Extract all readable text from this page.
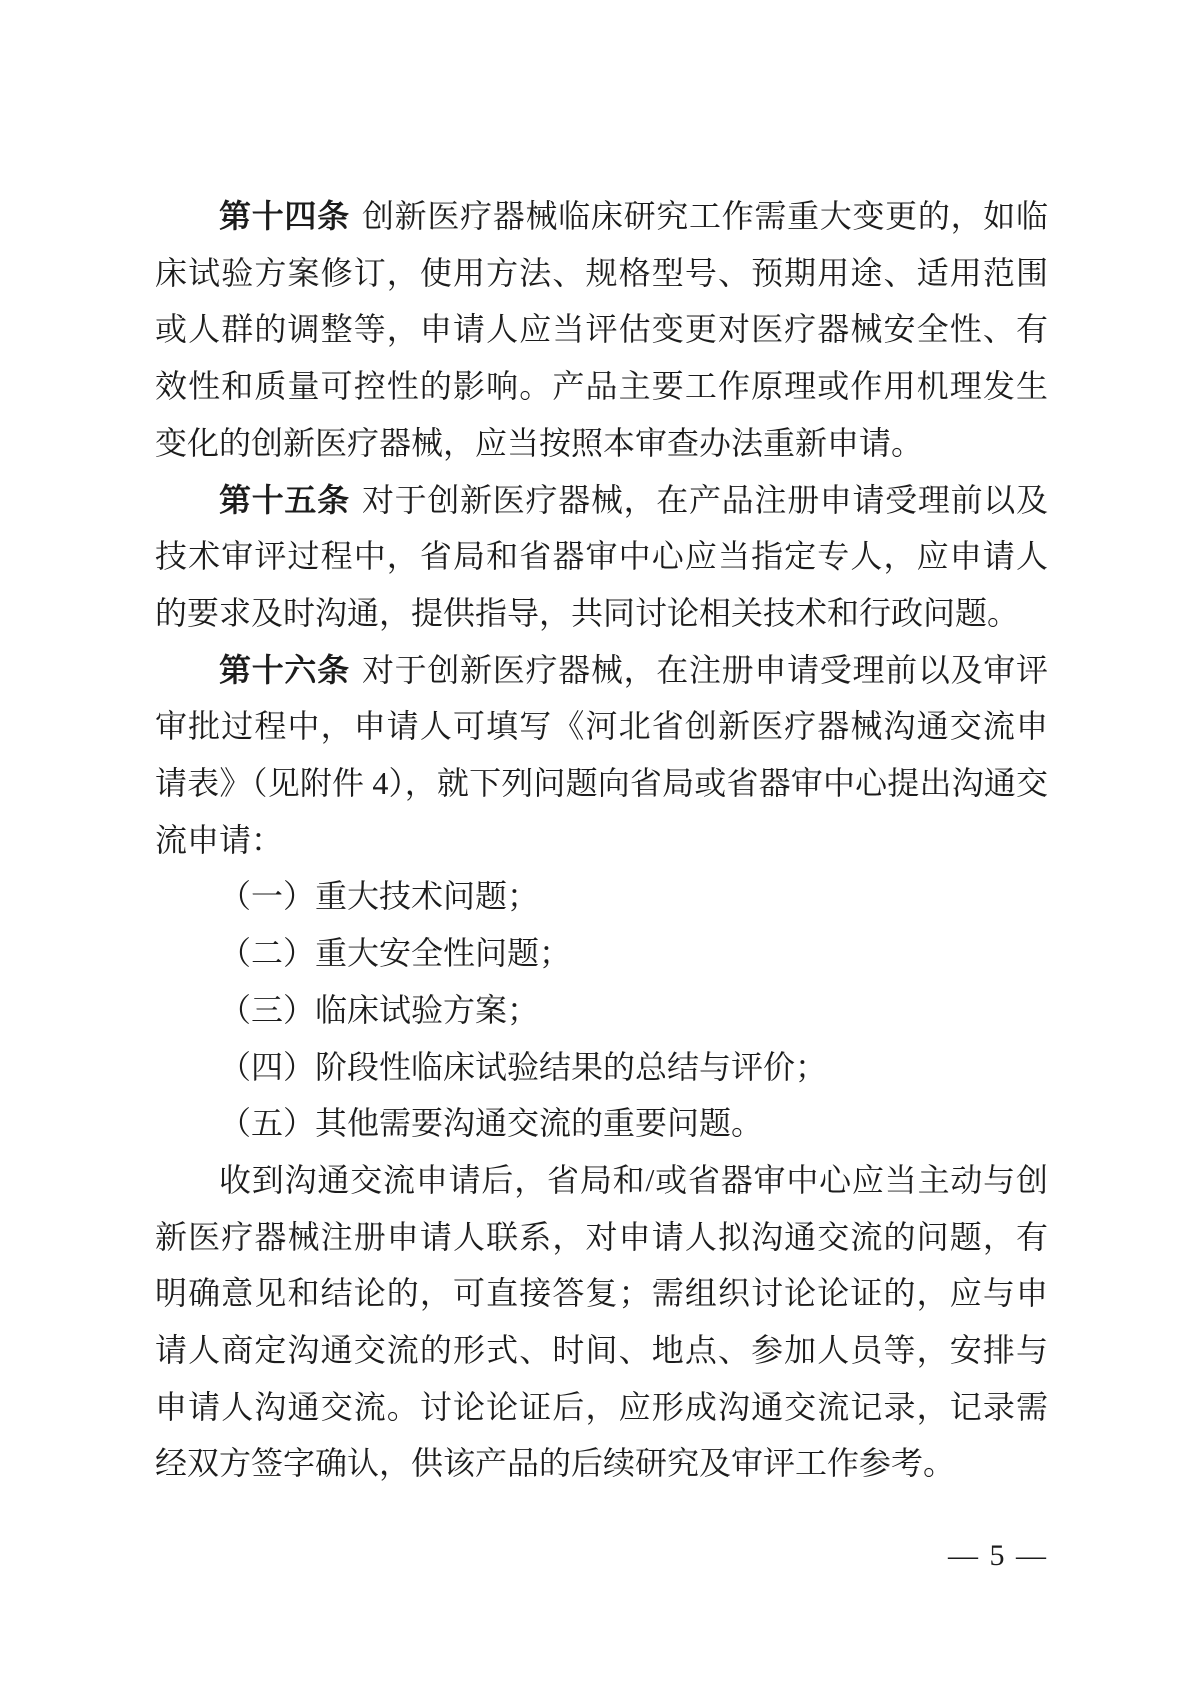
第十四条 创新医疗器械临床研究工作需重大变更的，如临床试验方案修订，使用方法、规格型号、预期用途、适用范围或人群的调整等，申请人应当评估变更对医疗器械安全性、有效性和质量可控性的影响。产品主要工作原理或作用机理发生变化的创新医疗器械，应当按照本审查办法重新申请。

第十五条 对于创新医疗器械，在产品注册申请受理前以及技术审评过程中，省局和省器审中心应当指定专人，应申请人的要求及时沟通，提供指导，共同讨论相关技术和行政问题。

第十六条 对于创新医疗器械，在注册申请受理前以及审评审批过程中，申请人可填写《河北省创新医疗器械沟通交流申请表》（见附件 4），就下列问题向省局或省器审中心提出沟通交流申请：

（一）重大技术问题；

（二）重大安全性问题；

（三）临床试验方案；

（四）阶段性临床试验结果的总结与评价；

（五）其他需要沟通交流的重要问题。

收到沟通交流申请后，省局和/或省器审中心应当主动与创新医疗器械注册申请人联系，对申请人拟沟通交流的问题，有明确意见和结论的，可直接答复；需组织讨论论证的，应与申请人商定沟通交流的形式、时间、地点、参加人员等，安排与申请人沟通交流。讨论论证后，应形成沟通交流记录，记录需经双方签字确认，供该产品的后续研究及审评工作参考。

— 5 —
